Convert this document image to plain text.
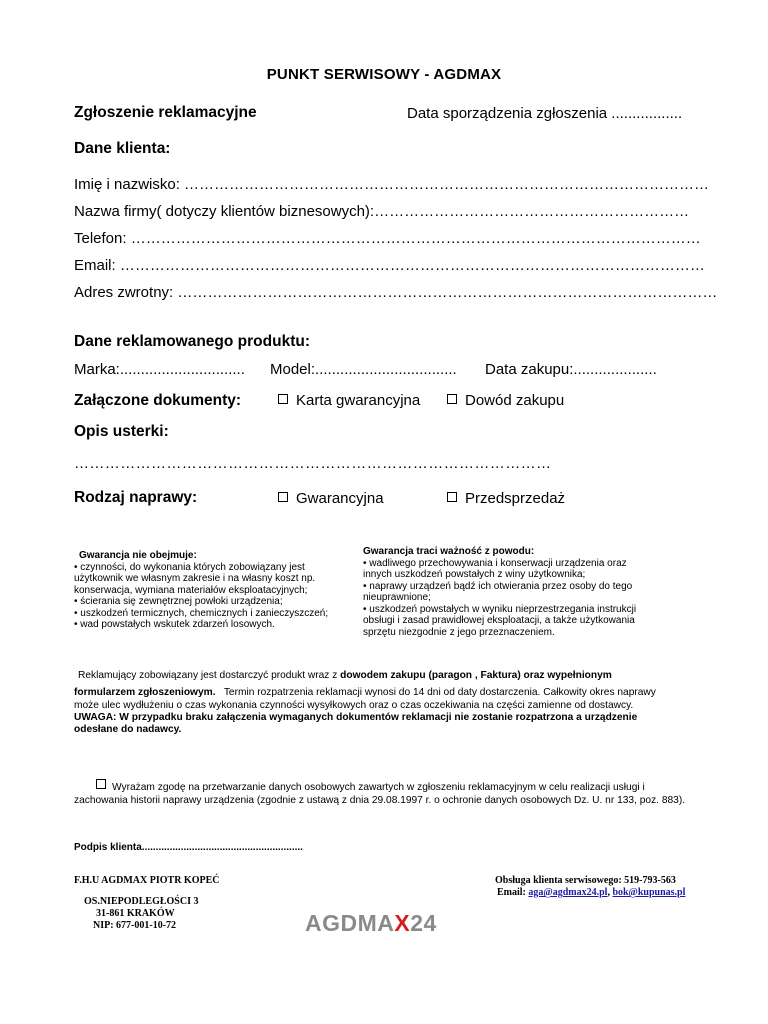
PUNKT SERWISOWY - AGDMAX
Zgłoszenie reklamacyjne	Data sporządzenia zgłoszenia .................
Dane klienta:
Imię i nazwisko: ……………………………………………………………………………………………
Nazwa firmy( dotyczy klientów biznesowych):………………………………………………………
Telefon: ……………………………………………………………………………………………………
Email: ………………………………………………………………………………………………………
Adres zwrotny: ………………………………………………………………………………………………
Dane reklamowanego produktu:
Marka:.............................. Model:.................................. Data zakupu:....................
Załączone dokumenty:	Karta gwarancyjna	Dowód zakupu
Opis usterki:
…………………………………………………………………………………
Rodzaj naprawy:	Gwarancyjna	Przedsprzedaż
Gwarancja nie obejmuje:
• czynności, do wykonania których zobowiązany jest użytkownik we własnym zakresie i na własny koszt np. konserwacja, wymiana materiałów eksploatacyjnych;
• ścierania się zewnętrznej powłoki urządzenia;
• uszkodzeń termicznych, chemicznych i zanieczyszczeń;
• wad powstałych wskutek zdarzeń losowych.
Gwarancja traci ważność z powodu:
• wadliwego przechowywania i konserwacji urządzenia oraz innych uszkodzeń powstałych z winy użytkownika;
• naprawy urządzeń bądź ich otwierania przez osoby do tego nieuprawnione;
• uszkodzeń powstałych w wyniku nieprzestrzegania instrukcji obsługi i zasad prawidłowej eksploatacji, a także użytkowania sprzętu niezgodnie z jego przeznaczeniem.
Reklamujący zobowiązany jest dostarczyć produkt wraz z dowodem zakupu (paragon , Faktura) oraz wypełnionym
formularzem zgłoszeniowym. Termin rozpatrzenia reklamacji wynosi do 14 dni od daty dostarczenia. Całkowity okres naprawy
może ulec wydłużeniu o czas wykonania czynności wysyłkowych oraz o czas oczekiwania na części zamienne od dostawcy.
UWAGA: W przypadku braku załączenia wymaganych dokumentów reklamacji nie zostanie rozpatrzona a urządzenie
odesłane do nadawcy.
Wyrażam zgodę na przetwarzanie danych osobowych zawartych w zgłoszeniu reklamacyjnym w celu realizacji usługi i
zachowania historii naprawy urządzenia (zgodnie z ustawą z dnia 29.08.1997 r. o ochronie danych osobowych Dz. U. nr 133, poz. 883).
Podpis klienta..........................................................
F.H.U AGDMAX PIOTR KOPEĆ
OS.NIEPODLEGŁOŚCI 3
31-861 KRAKÓW
NIP: 677-001-10-72	AGDMAX24
Obsługa klienta serwisowego: 519-793-563
Email: aga@agdmax24.pl, bok@kupunas.pl
